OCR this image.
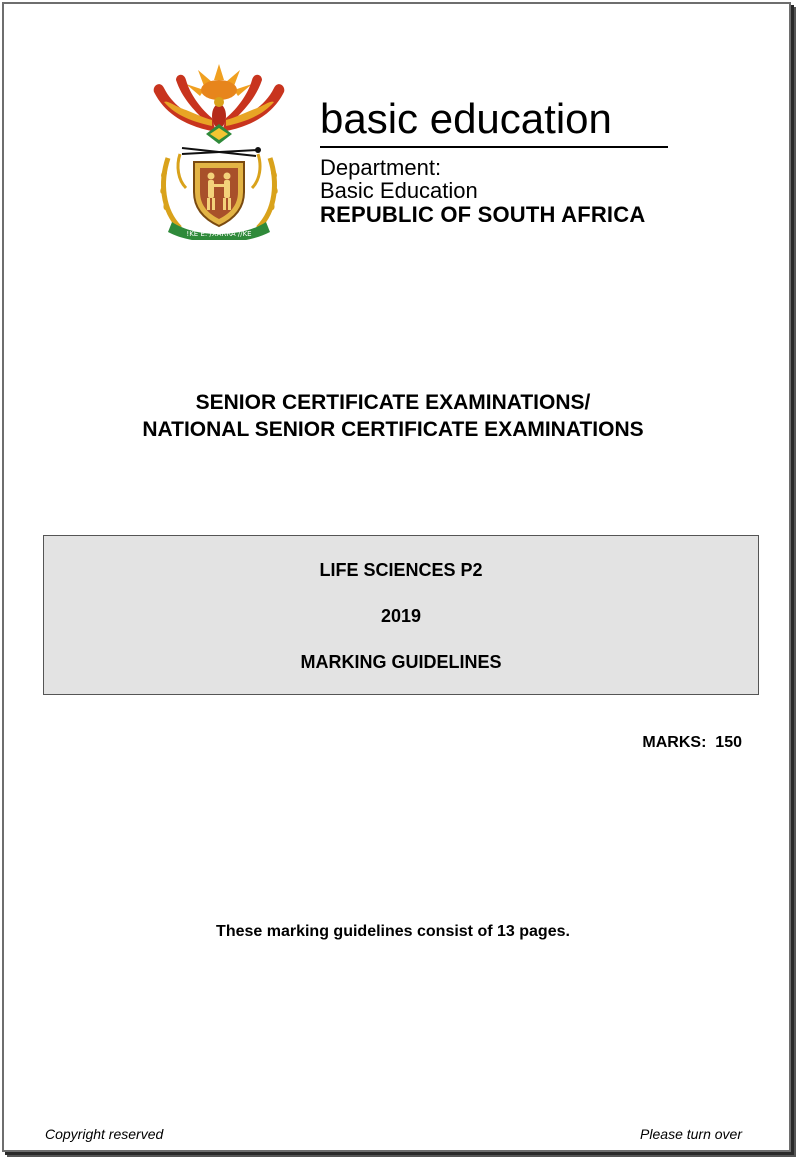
!KE E: /XARRA //KE
basic education
Department:
Basic Education
REPUBLIC OF SOUTH AFRICA
SENIOR CERTIFICATE EXAMINATIONS/
NATIONAL SENIOR CERTIFICATE EXAMINATIONS
LIFE SCIENCES P2
2019
MARKING GUIDELINES
MARKS:  150
These marking guidelines consist of 13 pages.
Copyright reserved	Please turn over
